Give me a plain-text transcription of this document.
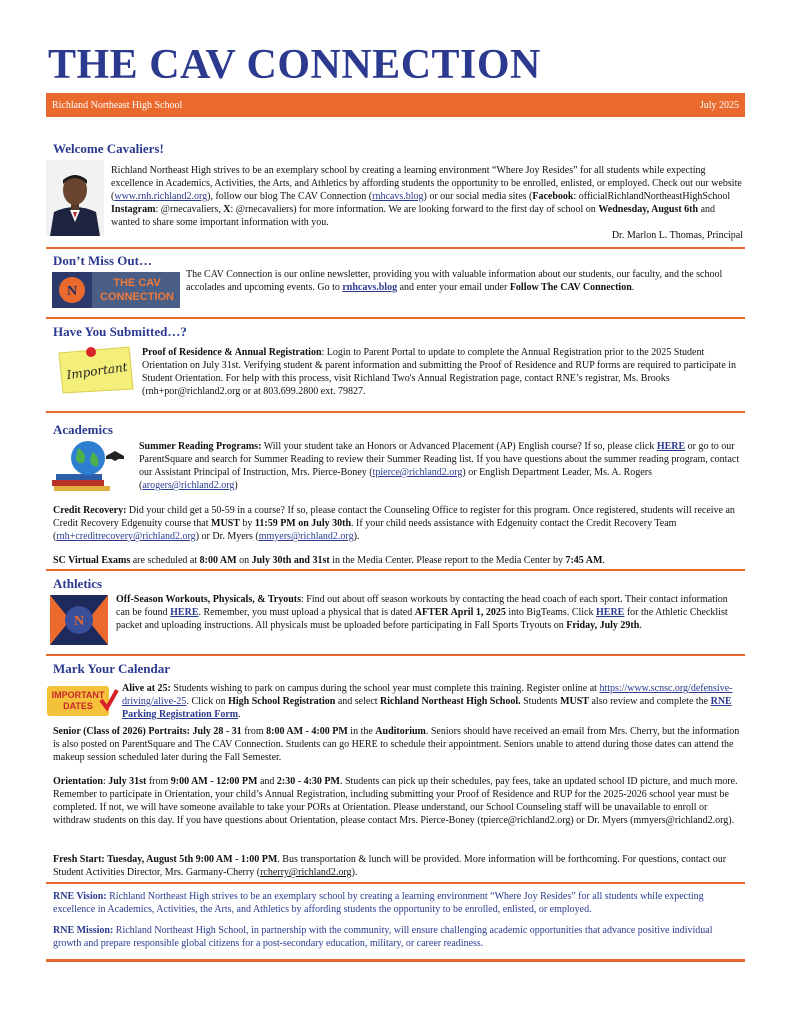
THE CAV CONNECTION
Richland Northeast High School	July 2025
Welcome Cavaliers!
Richland Northeast High strives to be an exemplary school by creating a learning environment “Where Joy Resides” for all students while expecting excellence in Academics, Activities, the Arts, and Athletics by affording students the opportunity to be enrolled, enlisted, or employed. Check out our website (www.rnh.richland2.org), follow our blog The CAV Connection (rnhcavs.blog) or our social media sites (Facebook: officialRichlandNortheastHighSchool Instagram: @rnecavaliers, X: @rnecavaliers) for more information. We are looking forward to the first day of school on Wednesday, August 6th and wanted to share some important information with you.
Dr. Marlon L. Thomas, Principal
Don’t Miss Out…
N
THE CAV CONNECTION
The CAV Connection is our online newsletter, providing you with valuable information about our students, our faculty, and the school accolades and upcoming events. Go to rnhcavs.blog and enter your email under Follow The CAV Connection.
Have You Submitted…?
Important
Proof of Residence & Annual Registration: Login to Parent Portal to update to complete the Annual Registration prior to the 2025 Student Orientation on July 31st. Verifying student & parent information and submitting the Proof of Residence and RUP forms are required to participate in Student Orientation. For help with this process, visit Richland Two's Annual Registration page, contact RNE’s registrar, Ms. Brooks (rnh+por@richland2.org or at 803.699.2800 ext. 79827.
Academics
Summer Reading Programs: Will your student take an Honors or Advanced Placement (AP) English course? If so, please click HERE or go to our ParentSquare and search for Summer Reading to review their Summer Reading list. If you have questions about the summer reading program, contact our Assistant Principal of Instruction, Mrs. Pierce-Boney (tpierce@richland2.org) or English Department Leader, Ms. A. Rogers (arogers@richland2.org)
Credit Recovery: Did your child get a 50-59 in a course? If so, please contact the Counseling Office to register for this program. Once registered, students will receive an Credit Recovery Edgenuity course that MUST by 11:59 PM on July 30th. If your child needs assistance with Edgenuity contact the Credit Recovery Team (rnh+creditrecovery@richland2.org) or Dr. Myers (mmyers@richland2.org).
SC Virtual Exams are scheduled at 8:00 AM on July 30th and 31st in the Media Center. Please report to the Media Center by 7:45 AM.
Athletics
N
Off-Season Workouts, Physicals, & Tryouts: Find out about off season workouts by contacting the head coach of each sport. Their contact information can be found HERE. Remember, you must upload a physical that is dated AFTER April 1, 2025 into BigTeams. Click HERE for the Athletic Checklist packet and uploading instructions. All physicals must be uploaded before participating in Fall Sports Tryouts on Friday, July 29th.
Mark Your Calendar
IMPORTANT
DATES
Alive at 25: Students wishing to park on campus during the school year must complete this training. Register online at https://www.scnsc.org/defensive-driving/alive-25. Click on High School Registration and select Richland Northeast High School. Students MUST also review and complete the RNE Parking Registration Form.
Senior (Class of 2026) Portraits: July 28 - 31 from 8:00 AM - 4:00 PM in the Auditorium. Seniors should have received an email from Mrs. Cherry, but the information is also posted on ParentSquare and The CAV Connection. Students can go HERE to schedule their appointment. Seniors unable to attend during those dates can attend the makeup session scheduled later during the Fall Semester.
Orientation: July 31st from 9:00 AM - 12:00 PM and 2:30 - 4:30 PM. Students can pick up their schedules, pay fees, take an updated school ID picture, and much more. Remember to participate in Orientation, your child’s Annual Registration, including submitting your Proof of Residence and RUP for the 2025-2026 school year must be completed. If not, we will have someone available to take your PORs at Orientation. Please understand, our School Counseling staff will be unavailable to enroll or withdraw students on this day. If you have questions about Orientation, please contact Mrs. Pierce-Boney (tpierce@richland2.org) or Dr. Myers (mmyers@richland2.org).
Fresh Start: Tuesday, August 5th 9:00 AM - 1:00 PM. Bus transportation & lunch will be provided. More information will be forthcoming. For questions, contact our Student Activities Director, Mrs. Garmany-Cherry (rcherry@richland2.org).
RNE Vision: Richland Northeast High strives to be an exemplary school by creating a learning environment “Where Joy Resides” for all students while expecting excellence in Academics, Activities, the Arts, and Athletics by affording students the opportunity to be enrolled, enlisted, or employed.
RNE Mission: Richland Northeast High School, in partnership with the community, will ensure challenging academic opportunities that advance positive individual growth and prepare responsible global citizens for a post-secondary education, military, or career readiness.
